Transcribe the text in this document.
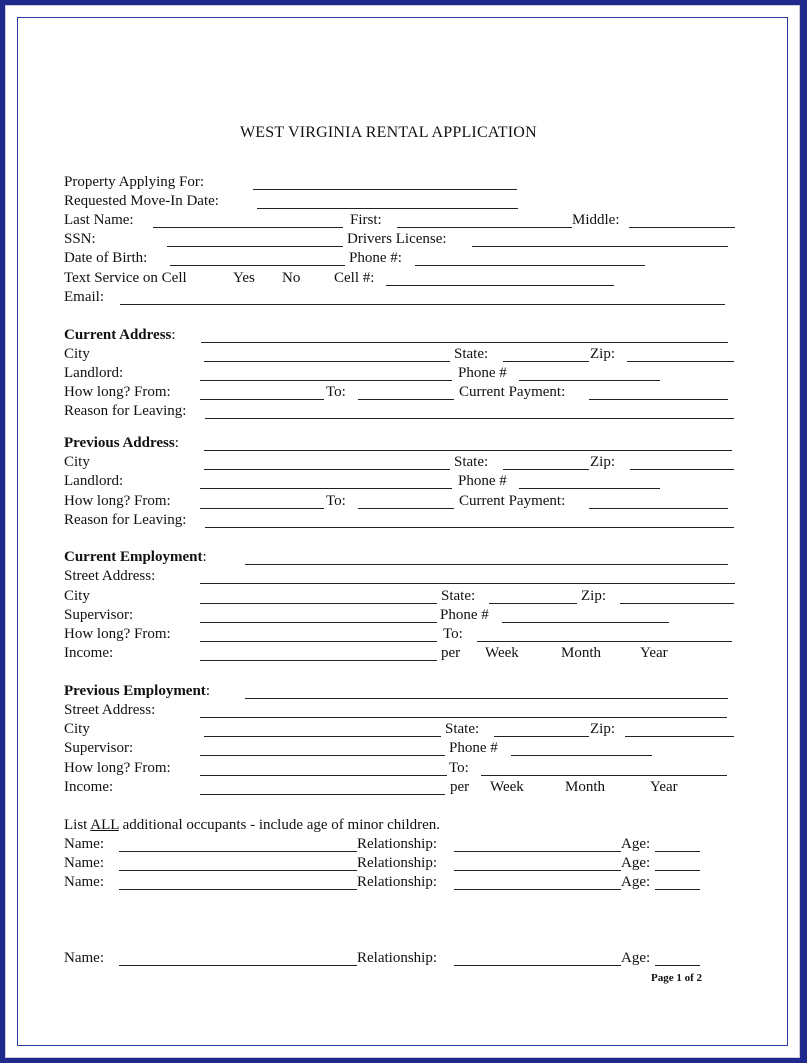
WEST VIRGINIA RENTAL APPLICATION
Property Applying For:
Requested Move-In Date:
Last Name:	First:	Middle:
SSN:	Drivers License:
Date of Birth:	Phone #:
Text Service on Cell	Yes No Cell #:
Email:
Current Address:
City	State:	Zip:
Landlord:	Phone #
How long? From:	To:	Current Payment:
Reason for Leaving:
Previous Address:
City	State:	Zip:
Landlord:	Phone #
How long? From:	To:	Current Payment:
Reason for Leaving:
Current Employment:
Street Address:
City	State:	Zip:
Supervisor:	Phone #
How long? From:	To:
Income:	per Week	Month	Year
Previous Employment:
Street Address:
City	State:	Zip:
Supervisor:	Phone #
How long? From:	To:
Income:	per Week	Month	Year
List ALL additional occupants - include age of minor children.
Name:	Relationship:	Age:
Name:	Relationship:	Age:
Name:	Relationship:	Age:
Name:	Relationship:	Age:
Page 1 of 2
